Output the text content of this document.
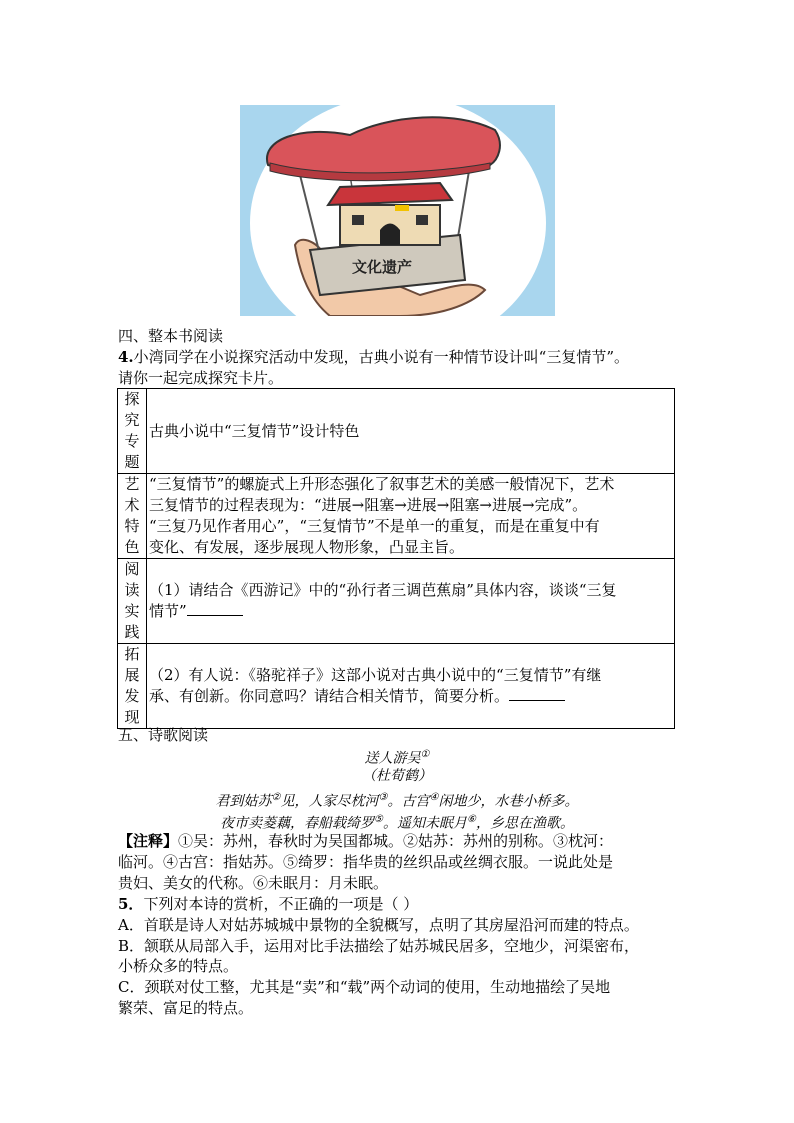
文化遗产
四、整本书阅读
4.小湾同学在小说探究活动中发现，古典小说有一种情节设计叫“三复情节”。
请你一起完成探究卡片。
探究专题	古典小说中“三复情节”设计特色

艺术特色	“三复情节”的螺旋式上升形态强化了叙事艺术的美感一般情况下，艺术
三复情节的过程表现为：“进展→阻塞→进展→阻塞→进展→完成”。
“三复乃见作者用心”，“三复情节”不是单一的重复，而是在重复中有
变化、有发展，逐步展现人物形象，凸显主旨。

阅读实践	（1）请结合《西游记》中的“孙行者三调芭蕉扇”具体内容，谈谈“三复
情节”

拓展发现	（2）有人说：《骆驼祥子》这部小说对古典小说中的“三复情节”有继
承、有创新。你同意吗？请结合相关情节，简要分析。
五、诗歌阅读
送人游吴①
（杜荀鹤）
君到姑苏②见，人家尽枕河③。古宫④闲地少，水巷小桥多。
夜市卖菱藕，春船载绮罗⑤。遥知未眠月⑥，乡思在渔歌。
【注释】①吴：苏州，春秋时为吴国都城。②姑苏：苏州的别称。③枕河：
临河。④古宫：指姑苏。⑤绮罗：指华贵的丝织品或丝绸衣服。一说此处是
贵妇、美女的代称。⑥未眠月：月未眠。
5．下列对本诗的赏析，不正确的一项是（ ）
A．首联是诗人对姑苏城城中景物的全貌概写，点明了其房屋沿河而建的特点。
B．颔联从局部入手，运用对比手法描绘了姑苏城民居多，空地少，河渠密布，
小桥众多的特点。
C．颈联对仗工整，尤其是“卖”和“载”两个动词的使用，生动地描绘了吴地
繁荣、富足的特点。
